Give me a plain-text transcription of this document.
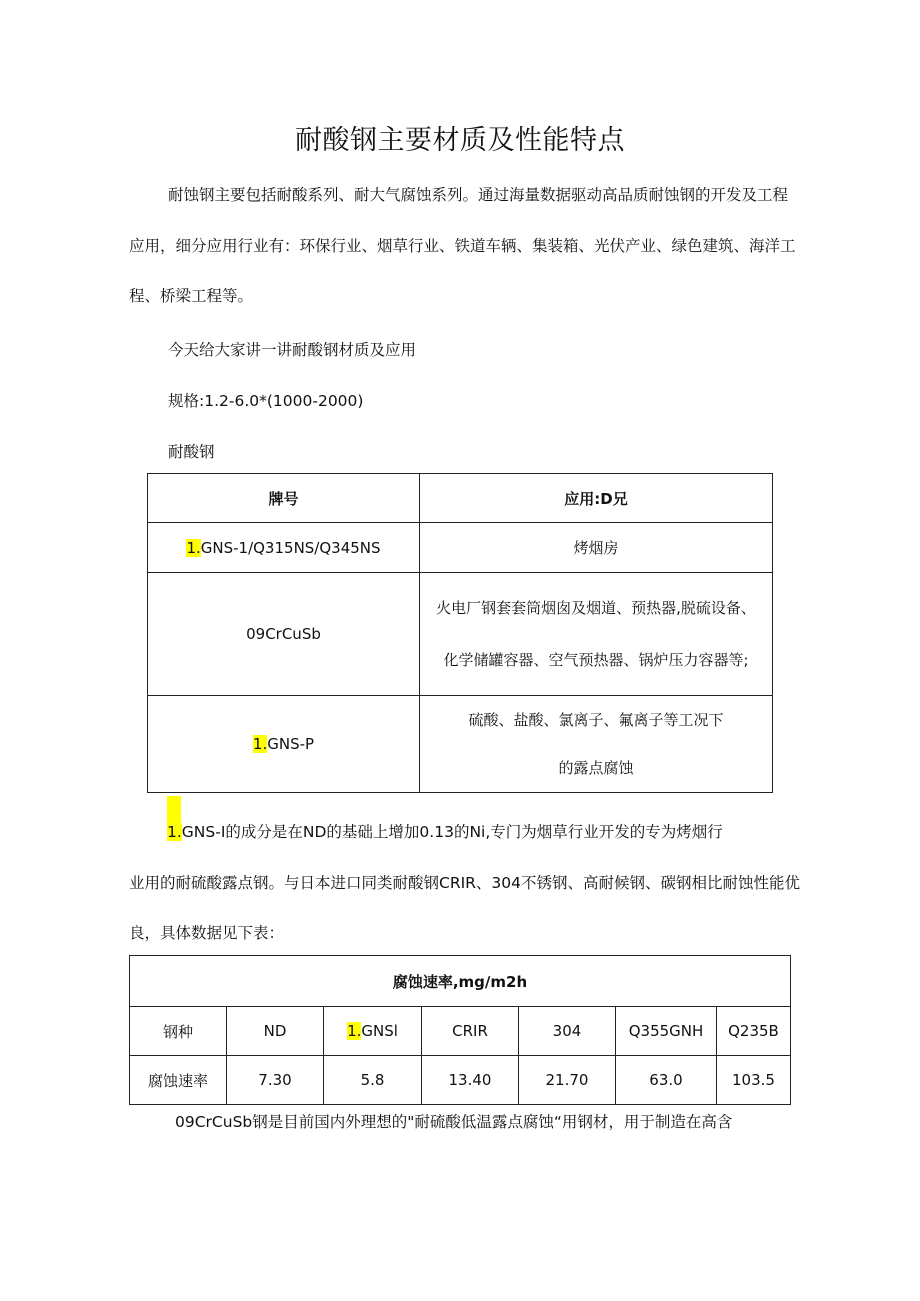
耐酸钢主要材质及性能特点
耐蚀钢主要包括耐酸系列、耐大气腐蚀系列。通过海量数据驱动高品质耐蚀钢的开发及工程
应用，细分应用行业有：环保行业、烟草行业、铁道车辆、集装箱、光伏产业、绿色建筑、海洋工
程、桥梁工程等。
今天给大家讲一讲耐酸钢材质及应用
规格:1.2-6.0*(1000-2000)
耐酸钢
牌号	应用:D兄
1.GNS-1/Q315NS/Q345NS	烤烟房
09CrCuSb	火电厂钢套套筒烟囱及烟道、预热器,脱硫设备、
化学储罐容器、空气预热器、锅炉压力容器等;

1.GNS-P	硫酸、盐酸、氯离子、氟离子等工况下
的露点腐蚀
1.GNS-I的成分是在ND的基础上增加0.13的Ni,专门为烟草行业开发的专为烤烟行
业用的耐硫酸露点钢。与日本进口同类耐酸钢CRIR、304不锈钢、高耐候钢、碳钢相比耐蚀性能优
良，具体数据见下表：
腐蚀速率,mg∕m2h						
钢种	ND	1.GNSl	CRIR	304	Q355GNH	Q235B
腐蚀速率	7.30	5.8	13.40	21.70	63.0	103.5
09CrCuSb钢是目前国内外理想的"耐硫酸低温露点腐蚀“用钢材，用于制造在高含
